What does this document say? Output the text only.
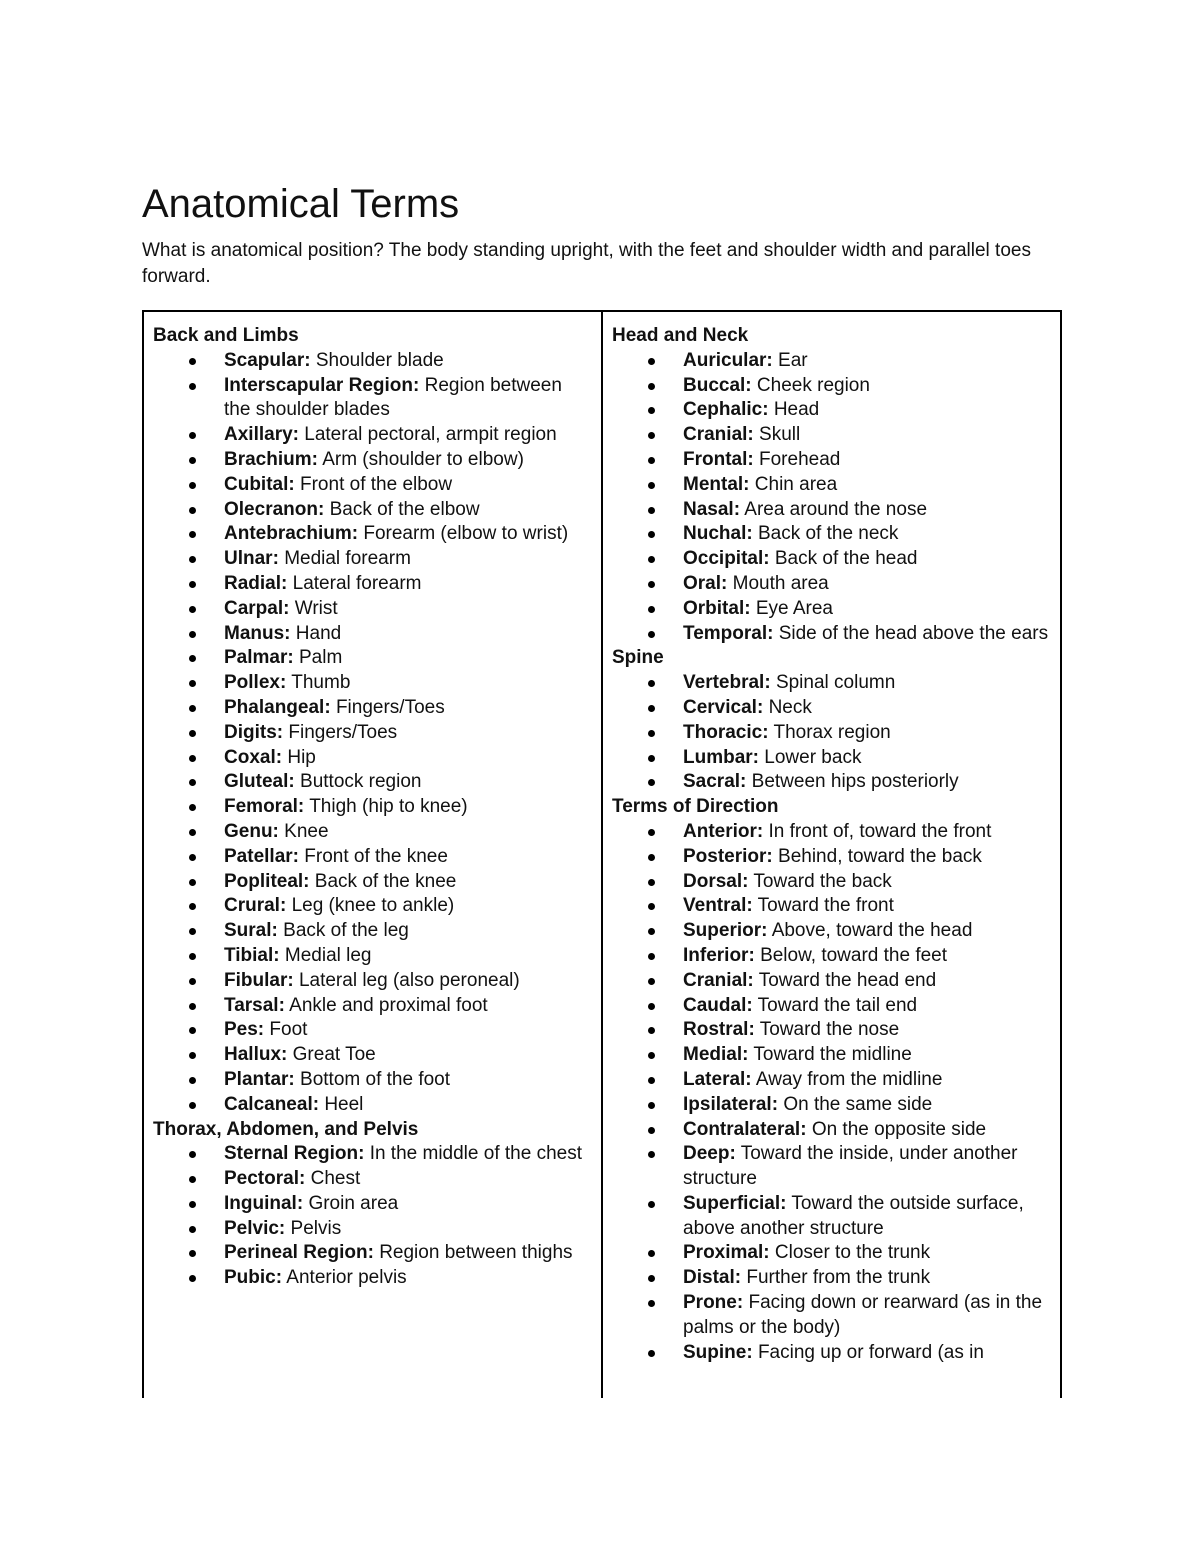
Anatomical Terms

What is anatomical position? The body standing upright, with the feet and shoulder width and parallel toes forward.

Back and Limbs
Scapular: Shoulder blade
Interscapular Region: Region between the shoulder blades
Axillary: Lateral pectoral, armpit region
Brachium: Arm (shoulder to elbow)
Cubital: Front of the elbow
Olecranon: Back of the elbow
Antebrachium: Forearm (elbow to wrist)
Ulnar: Medial forearm
Radial: Lateral forearm
Carpal: Wrist
Manus: Hand
Palmar: Palm
Pollex: Thumb
Phalangeal: Fingers/Toes
Digits: Fingers/Toes
Coxal: Hip
Gluteal: Buttock region
Femoral: Thigh (hip to knee)
Genu: Knee
Patellar: Front of the knee
Popliteal: Back of the knee
Crural: Leg (knee to ankle)
Sural: Back of the leg
Tibial: Medial leg
Fibular: Lateral leg (also peroneal)
Tarsal: Ankle and proximal foot
Pes: Foot
Hallux: Great Toe
Plantar: Bottom of the foot
Calcaneal: Heel
Thorax, Abdomen, and Pelvis
Sternal Region: In the middle of the chest
Pectoral: Chest
Inguinal: Groin area
Pelvic: Pelvis
Perineal Region: Region between thighs
Pubic: Anterior pelvis
Head and Neck
Auricular: Ear
Buccal: Cheek region
Cephalic: Head
Cranial: Skull
Frontal: Forehead
Mental: Chin area
Nasal: Area around the nose
Nuchal: Back of the neck
Occipital: Back of the head
Oral: Mouth area
Orbital: Eye Area
Temporal: Side of the head above the ears
Spine
Vertebral: Spinal column
Cervical: Neck
Thoracic: Thorax region
Lumbar: Lower back
Sacral: Between hips posteriorly
Terms of Direction
Anterior: In front of, toward the front
Posterior: Behind, toward the back
Dorsal: Toward the back
Ventral: Toward the front
Superior: Above, toward the head
Inferior: Below, toward the feet
Cranial: Toward the head end
Caudal: Toward the tail end
Rostral: Toward the nose
Medial: Toward the midline
Lateral: Away from the midline
Ipsilateral: On the same side
Contralateral: On the opposite side
Deep: Toward the inside, under another structure
Superficial: Toward the outside surface, above another structure
Proximal: Closer to the trunk
Distal: Further from the trunk
Prone: Facing down or rearward (as in the palms or the body)
Supine: Facing up or forward (as in
